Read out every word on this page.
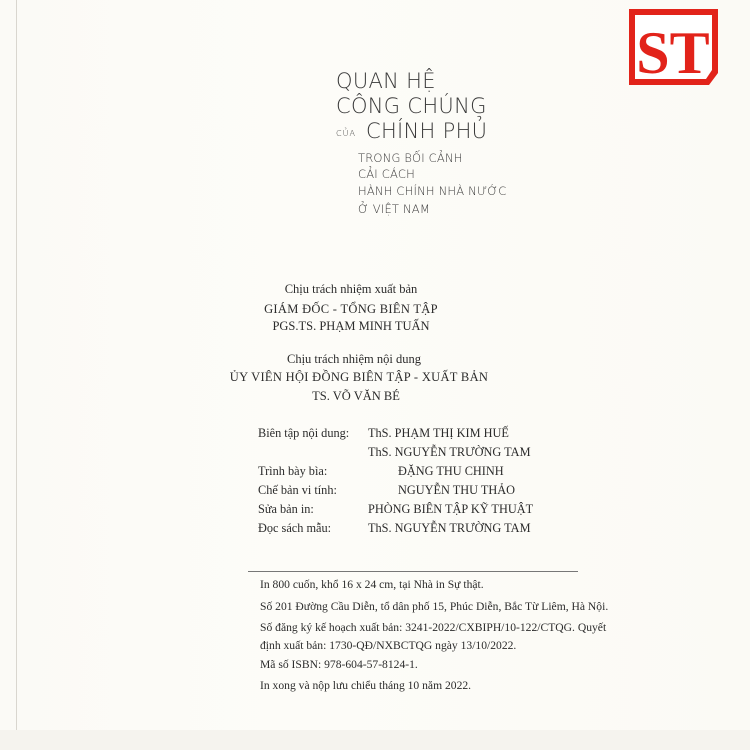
ST
QUAN HỆ
CÔNG CHÚNG
CỦA CHÍNH PHỦ
TRONG BỐI CẢNH
CẢI CÁCH
HÀNH CHÍNH NHÀ NƯỚC
Ở VIỆT NAM
Chịu trách nhiệm xuất bản
GIÁM ĐỐC - TỔNG BIÊN TẬP
PGS.TS. PHẠM MINH TUẤN
Chịu trách nhiệm nội dung
ỦY VIÊN HỘI ĐỒNG BIÊN TẬP - XUẤT BẢN
TS. VÕ VĂN BÉ
Biên tập nội dung: ThS. PHẠM THỊ KIM HUẾ
ThS. NGUYỄN TRƯỜNG TAM
Trình bày bìa:	ĐẶNG THU CHINH
Chế bản vi tính:	NGUYỄN THU THẢO
Sửa bản in:	PHÒNG BIÊN TẬP KỸ THUẬT
Đọc sách mẫu:	ThS. NGUYỄN TRƯỜNG TAM
In 800 cuốn, khổ 16 x 24 cm, tại Nhà in Sự thật.
Số 201 Đường Cầu Diễn, tổ dân phố 15, Phúc Diễn, Bắc Từ Liêm, Hà Nội.
Số đăng ký kế hoạch xuất bản: 3241-2022/CXBIPH/10-122/CTQG. Quyết
định xuất bản: 1730-QĐ/NXBCTQG ngày 13/10/2022.
Mã số ISBN: 978-604-57-8124-1.
In xong và nộp lưu chiểu tháng 10 năm 2022.
